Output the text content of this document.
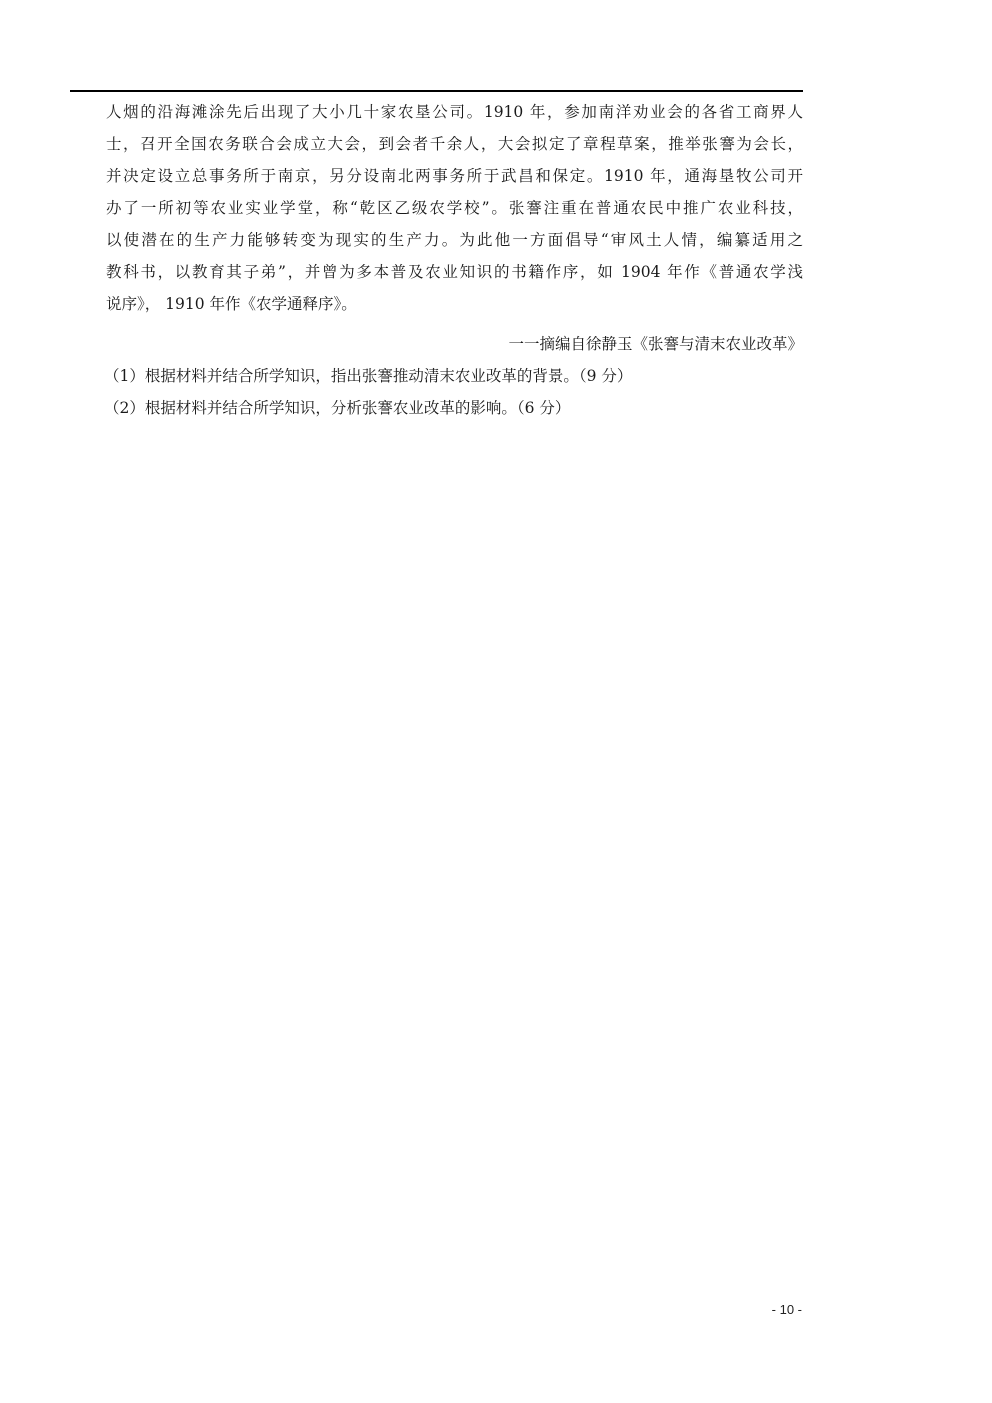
人烟的沿海滩涂先后出现了大小几十家农垦公司。1910 年，参加南洋劝业会的各省工商界人
士，召开全国农务联合会成立大会，到会者千余人，大会拟定了章程草案，推举张謇为会长，
并决定设立总事务所于南京，另分设南北两事务所于武昌和保定。1910 年，通海垦牧公司开
办了一所初等农业实业学堂，称“乾区乙级农学校”。张謇注重在普通农民中推广农业科技，
以使潜在的生产力能够转变为现实的生产力。为此他一方面倡导“审风土人情，编纂适用之
教科书，以教育其子弟”，并曾为多本普及农业知识的书籍作序，如 1904 年作《普通农学浅
说序》， 1910 年作《农学通释序》。
一一摘编自徐静玉《张謇与清末农业改革》
（1）根据材料并结合所学知识，指出张謇推动清末农业改革的背景。（9 分）
（2）根据材料并结合所学知识，分析张謇农业改革的影响。（6 分）
- 10 -
